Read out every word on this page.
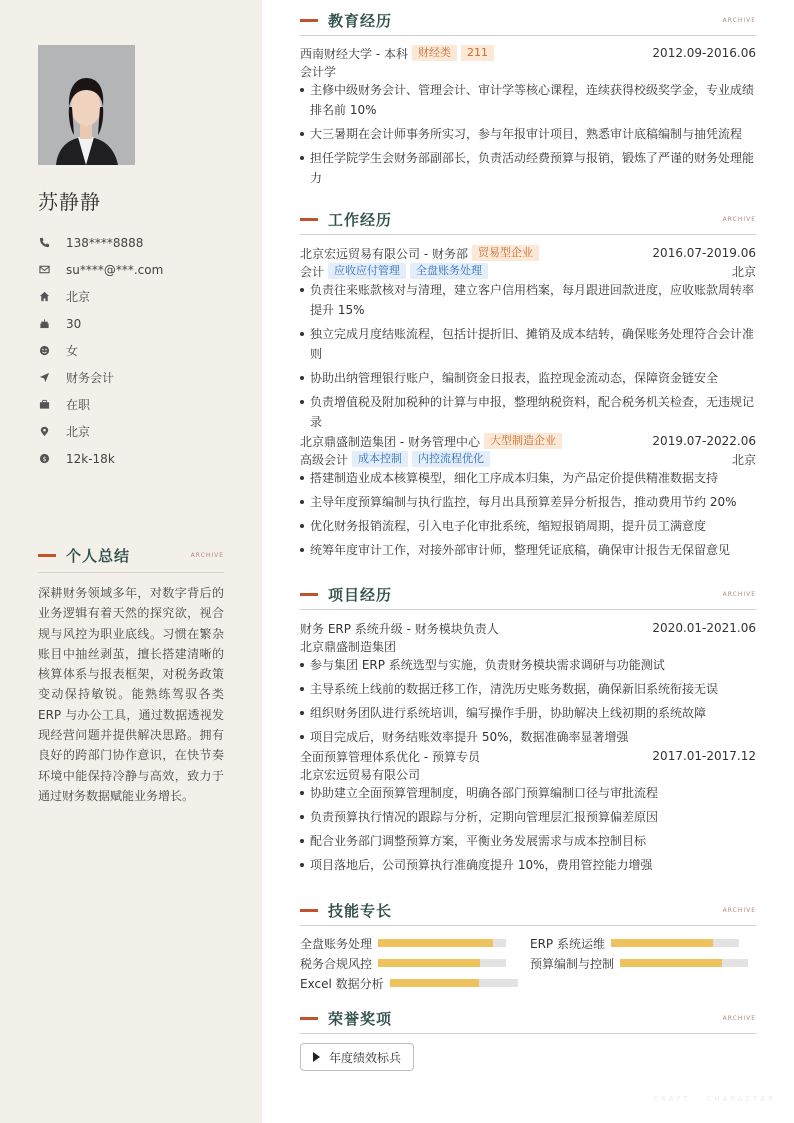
苏静静
138****8888
su****@***.com
北京
30
女
财务会计
在职
北京
$ 12k-18k
个人总结	ARCHIVE

深耕财务领域多年，对数字背后的业务逻辑有着天然的探究欲，视合规与风控为职业底线。习惯在繁杂账目中抽丝剥茧，擅长搭建清晰的核算体系与报表框架，对税务政策变动保持敏锐。能熟练驾驭各类ERP 与办公工具，通过数据透视发现经营问题并提供解决思路。拥有良好的跨部门协作意识，在快节奏环境中能保持冷静与高效，致力于通过财务数据赋能业务增长。

教育经历	ARCHIVE
西南财经大学 - 本科 财经类	211	2012.09-2016.06
会计学
主修中级财务会计、管理会计、审计学等核心课程，连续获得校级奖学金，专业成绩排名前 10%
大三暑期在会计师事务所实习，参与年报审计项目，熟悉审计底稿编制与抽凭流程
担任学院学生会财务部副部长，负责活动经费预算与报销，锻炼了严谨的财务处理能力
工作经历	ARCHIVE
北京宏远贸易有限公司 - 财务部 贸易型企业	2016.07-2019.06
会计 应收应付管理	全盘账务处理	北京
负责往来账款核对与清理，建立客户信用档案，每月跟进回款进度，应收账款周转率提升 15%
独立完成月度结账流程，包括计提折旧、摊销及成本结转，确保账务处理符合会计准则
协助出纳管理银行账户，编制资金日报表，监控现金流动态，保障资金链安全
负责增值税及附加税种的计算与申报，整理纳税资料，配合税务机关检查，无违规记录
北京鼎盛制造集团 - 财务管理中心 大型制造企业	2019.07-2022.06
高级会计 成本控制	内控流程优化	北京
搭建制造业成本核算模型，细化工序成本归集，为产品定价提供精准数据支持
主导年度预算编制与执行监控，每月出具预算差异分析报告，推动费用节约 20%
优化财务报销流程，引入电子化审批系统，缩短报销周期，提升员工满意度
统筹年度审计工作，对接外部审计师，整理凭证底稿，确保审计报告无保留意见
项目经历	ARCHIVE
财务 ERP 系统升级 - 财务模块负责人	2020.01-2021.06
北京鼎盛制造集团
参与集团 ERP 系统选型与实施，负责财务模块需求调研与功能测试
主导系统上线前的数据迁移工作，清洗历史账务数据，确保新旧系统衔接无误
组织财务团队进行系统培训，编写操作手册，协助解决上线初期的系统故障
项目完成后，财务结账效率提升 50%，数据准确率显著增强
全面预算管理体系优化 - 预算专员	2017.01-2017.12
北京宏远贸易有限公司
协助建立全面预算管理制度，明确各部门预算编制口径与审批流程
负责预算执行情况的跟踪与分析，定期向管理层汇报预算偏差原因
配合业务部门调整预算方案，平衡业务发展需求与成本控制目标
项目落地后，公司预算执行准确度提升 10%，费用管控能力增强
技能专长	ARCHIVE
全盘账务处理	ERP 系统运维
税务合规风控	预算编制与控制
Excel 数据分析
荣誉奖项	ARCHIVE
年度绩效标兵
CRAFT · CHARACTER
